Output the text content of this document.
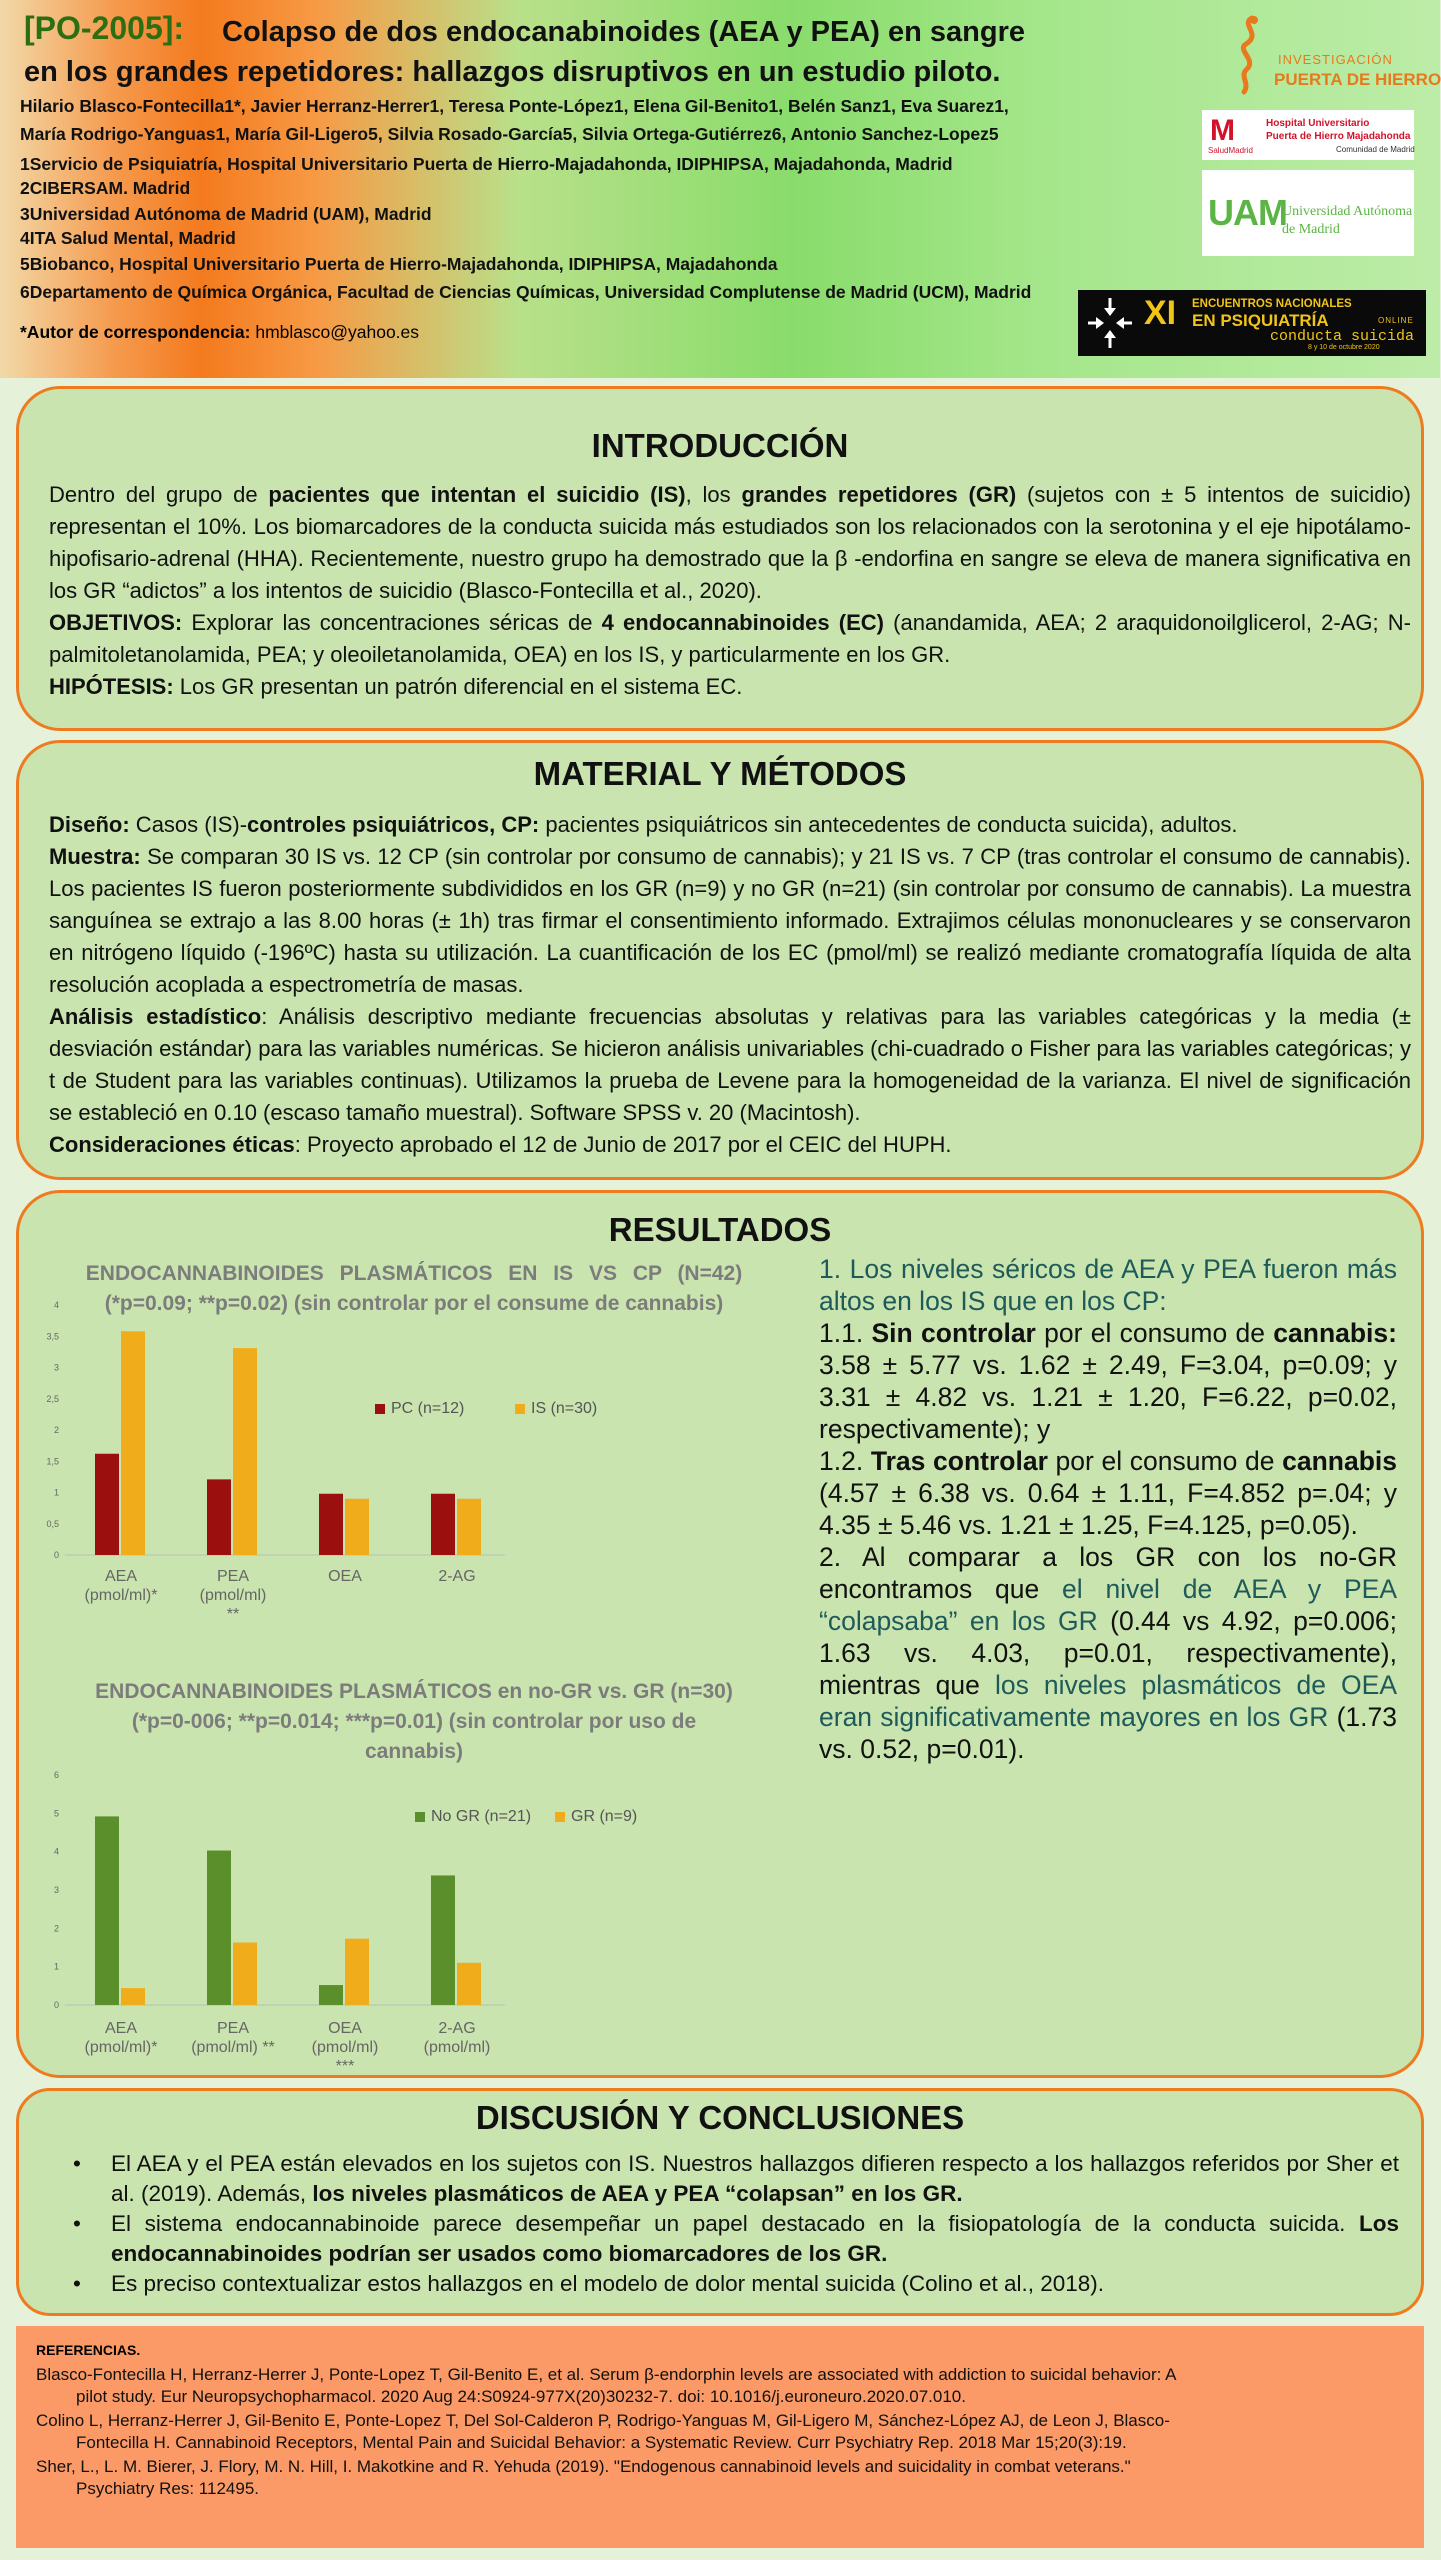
[PO-2005]: Colapso de dos endocanabinoides (AEA y PEA) en sangre
en los grandes repetidores: hallazgos disruptivos en un estudio piloto.
Hilario Blasco-Fontecilla1*, Javier Herranz-Herrer1, Teresa Ponte-López1, Elena Gil-Benito1, Belén Sanz1, Eva Suarez1,
María Rodrigo-Yanguas1, María Gil-Ligero5, Silvia Rosado-García5, Silvia Ortega-Gutiérrez6, Antonio Sanchez-Lopez5
1Servicio de Psiquiatría, Hospital Universitario Puerta de Hierro-Majadahonda, IDIPHIPSA, Majadahonda, Madrid
2CIBERSAM. Madrid
3Universidad Autónoma de Madrid (UAM), Madrid
4ITA Salud Mental, Madrid
5Biobanco, Hospital Universitario Puerta de Hierro-Majadahonda, IDIPHIPSA, Majadahonda
6Departamento de Química Orgánica, Facultad de Ciencias Químicas, Universidad Complutense de Madrid (UCM), Madrid
*Autor de correspondencia: hmblasco@yahoo.es
INVESTIGACIÓN
PUERTA DE HIERRO
M
SaludMadrid
Hospital Universitario
Puerta de Hierro Majadahonda
Comunidad de Madrid
UAM
Universidad Autónoma
de Madrid
XI ENCUENTROS NACIONALES
EN PSIQUIATRÍA	ONLINE
conducta suicida
8 y 10 de octubre 2020
INTRODUCCIÓN
Dentro del grupo de pacientes que intentan el suicidio (IS), los grandes repetidores (GR) (sujetos con ± 5 intentos de suicidio) representan el 10%. Los biomarcadores de la conducta suicida más estudiados son los relacionados con la serotonina y el eje hipotálamo-hipofisario-adrenal (HHA). Recientemente, nuestro grupo ha demostrado que la β -endorfina en sangre se eleva de manera significativa en los GR “adictos” a los intentos de suicidio (Blasco-Fontecilla et al., 2020).
OBJETIVOS: Explorar las concentraciones séricas de 4 endocannabinoides (EC) (anandamida, AEA; 2 araquidonoilglicerol, 2-AG; N-palmitoletanolamida, PEA; y oleoiletanolamida, OEA) en los IS, y particularmente en los GR.
HIPÓTESIS: Los GR presentan un patrón diferencial en el sistema EC.
MATERIAL Y MÉTODOS
Diseño: Casos (IS)-controles psiquiátricos, CP: pacientes psiquiátricos sin antecedentes de conducta suicida), adultos.
Muestra: Se comparan 30 IS vs. 12 CP (sin controlar por consumo de cannabis); y 21 IS vs. 7 CP (tras controlar el consumo de cannabis). Los pacientes IS fueron posteriormente subdivididos en los GR (n=9) y no GR (n=21) (sin controlar por consumo de cannabis). La muestra sanguínea se extrajo a las 8.00 horas (± 1h) tras firmar el consentimiento informado. Extrajimos células mononucleares y se conservaron en nitrógeno líquido (-196ºC) hasta su utilización. La cuantificación de los EC (pmol/ml) se realizó mediante cromatografía líquida de alta resolución acoplada a espectrometría de masas.
Análisis estadístico: Análisis descriptivo mediante frecuencias absolutas y relativas para las variables categóricas y la media (± desviación estándar) para las variables numéricas. Se hicieron análisis univariables (chi-cuadrado o Fisher para las variables categóricas; y t de Student para las variables continuas). Utilizamos la prueba de Levene para la homogeneidad de la varianza. El nivel de significación se estableció en 0.10 (escaso tamaño muestral). Software SPSS v. 20 (Macintosh).
Consideraciones éticas: Proyecto aprobado el 12 de Junio de 2017 por el CEIC del HUPH.
RESULTADOS
ENDOCANNABINOIDES PLASMÁTICOS EN IS VS CP (N=42)
(*p=0.09; **p=0.02) (sin controlar por el consume de cannabis)
0
0,5
1
1,5
2
2,5
3
3,5
4
AEA
(pmol/ml)*
PEA
(pmol/ml)
**
OEA	2-AG
PC (n=12)	IS (n=30)
ENDOCANNABINOIDES PLASMÁTICOS en no-GR vs. GR (n=30)
(*p=0-006; **p=0.014; ***p=0.01) (sin controlar por uso de cannabis)
0
1
2
3
4
5
6
AEA
(pmol/ml)*
PEA
(pmol/ml) **
OEA
(pmol/ml)
***
2-AG
(pmol/ml)
No GR (n=21) GR (n=9)

1. Los niveles séricos de AEA y PEA fueron más altos en los IS que en los CP:

1.1. Sin controlar por el consumo de cannabis: 3.58 ± 5.77 vs. 1.62 ± 2.49, F=3.04, p=0.09; y 3.31 ± 4.82 vs. 1.21 ± 1.20, F=6.22, p=0.02, respectivamente); y

1.2. Tras controlar por el consumo de cannabis (4.57 ± 6.38 vs. 0.64 ± 1.11, F=4.852 p=.04; y 4.35 ± 5.46 vs. 1.21 ± 1.25, F=4.125, p=0.05).

2. Al comparar a los GR con los no-GR encontramos que el nivel de AEA y PEA “colapsaba” en los GR (0.44 vs 4.92, p=0.006; 1.63 vs. 4.03, p=0.01, respectivamente), mientras que los niveles plasmáticos de OEA eran significativamente mayores en los GR (1.73 vs. 0.52, p=0.01).

DISCUSIÓN Y CONCLUSIONES
• El AEA y el PEA están elevados en los sujetos con IS. Nuestros hallazgos difieren respecto a los hallazgos referidos por Sher et al. (2019). Además, los niveles plasmáticos de AEA y PEA “colapsan” en los GR.
• El sistema endocannabinoide parece desempeñar un papel destacado en la fisiopatología de la conducta suicida. Los endocannabinoides podrían ser usados como biomarcadores de los GR.
• Es preciso contextualizar estos hallazgos en el modelo de dolor mental suicida (Colino et al., 2018).
REFERENCIAS.
Blasco-Fontecilla H, Herranz-Herrer J, Ponte-Lopez T, Gil-Benito E, et al. Serum β-endorphin levels are associated with addiction to suicidal behavior: A
pilot study. Eur Neuropsychopharmacol. 2020 Aug 24:S0924-977X(20)30232-7. doi: 10.1016/j.euroneuro.2020.07.010.
Colino L, Herranz-Herrer J, Gil-Benito E, Ponte-Lopez T, Del Sol-Calderon P, Rodrigo-Yanguas M, Gil-Ligero M, Sánchez-López AJ, de Leon J, Blasco-
Fontecilla H. Cannabinoid Receptors, Mental Pain and Suicidal Behavior: a Systematic Review. Curr Psychiatry Rep. 2018 Mar 15;20(3):19.
Sher, L., L. M. Bierer, J. Flory, M. N. Hill, I. Makotkine and R. Yehuda (2019). "Endogenous cannabinoid levels and suicidality in combat veterans."
Psychiatry Res: 112495.
